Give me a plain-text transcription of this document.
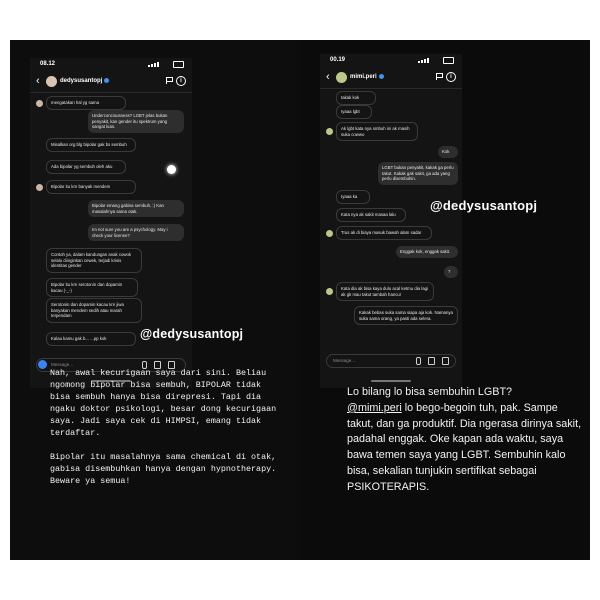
08.12
‹	dedysusantopj	i
mengatakan hal yg sama
Underconciousness? LGBT jelas bukan penyakit, kan gender itu spektrum yang sangat luas.
Misalkan org blg bipolar gak bs sembuh
Ada bipolar yg sembuh oleh aku
Bipolar itu krn banyak mendem
Bipolar emang gabisa sembuh, :) Kan masalahnya sama otak.
Im not sure you are a psychology. May i check your license?
Contoh ya, dalam kandungan anak cowok selalu diinginkan cewek, terjadi krisis identitas gender
Bipolar itu krn serotonin dan dopamin kacau (-_-)
Serotonin dan dopamin kacau krn jiwa banyakan mendem sedih atau marah terpendam
Kalau kamu gak b... ...pp kok
Message...
@dedysusantopj

Nah, awal kecurigaan saya dari sini. Beliau ngomong bipolar bisa sembuh, BIPOLAR tidak bisa sembuh hanya bisa direpresi. Tapi dia ngaku doktor psikologi, besar dong kecurigaan saya. Jadi saya cek di HIMPSI, emang tidak terdaftar.

Bipolar itu masalahnya sama chemical di otak, gabisa disembuhkan hanya dengan hypnotherapy. Beware ya semua!

00.19
‹	mimi.peri	i
takak kok
Iyaaa lgbt
Ak lgbt kata nya smbuh ini ak masih suka cowwo
Kok
LGBT bukan penyakit, kakak ga perlu takut. Kakak gak sakit, ga ada yang perlu disembuhin.
Iyaaa ka
Kata nya ak sakit masaa lalu
Trus ak di biaya masuk bawah alam sadar
Enggak kok, enggak sakit.
?
Kata dia ak bisa kaya dulu acal ketmu dia lagi ak gk mau takut tambah hancur
Kakak bebas suka sama siapa aja kok. Namanya suka sama orang, ya pasti ada selera.
Message...
@dedysusantopj
Lo bilang lo bisa sembuhin LGBT?
@mimi.peri lo bego-begoin tuh, pak. Sampe takut, dan ga produktif. Dia ngerasa dirinya sakit, padahal enggak. Oke kapan ada waktu, saya bawa temen saya yang LGBT. Sembuhin kalo bisa, sekalian tunjukin sertifikat sebagai PSIKOTERAPIS.
